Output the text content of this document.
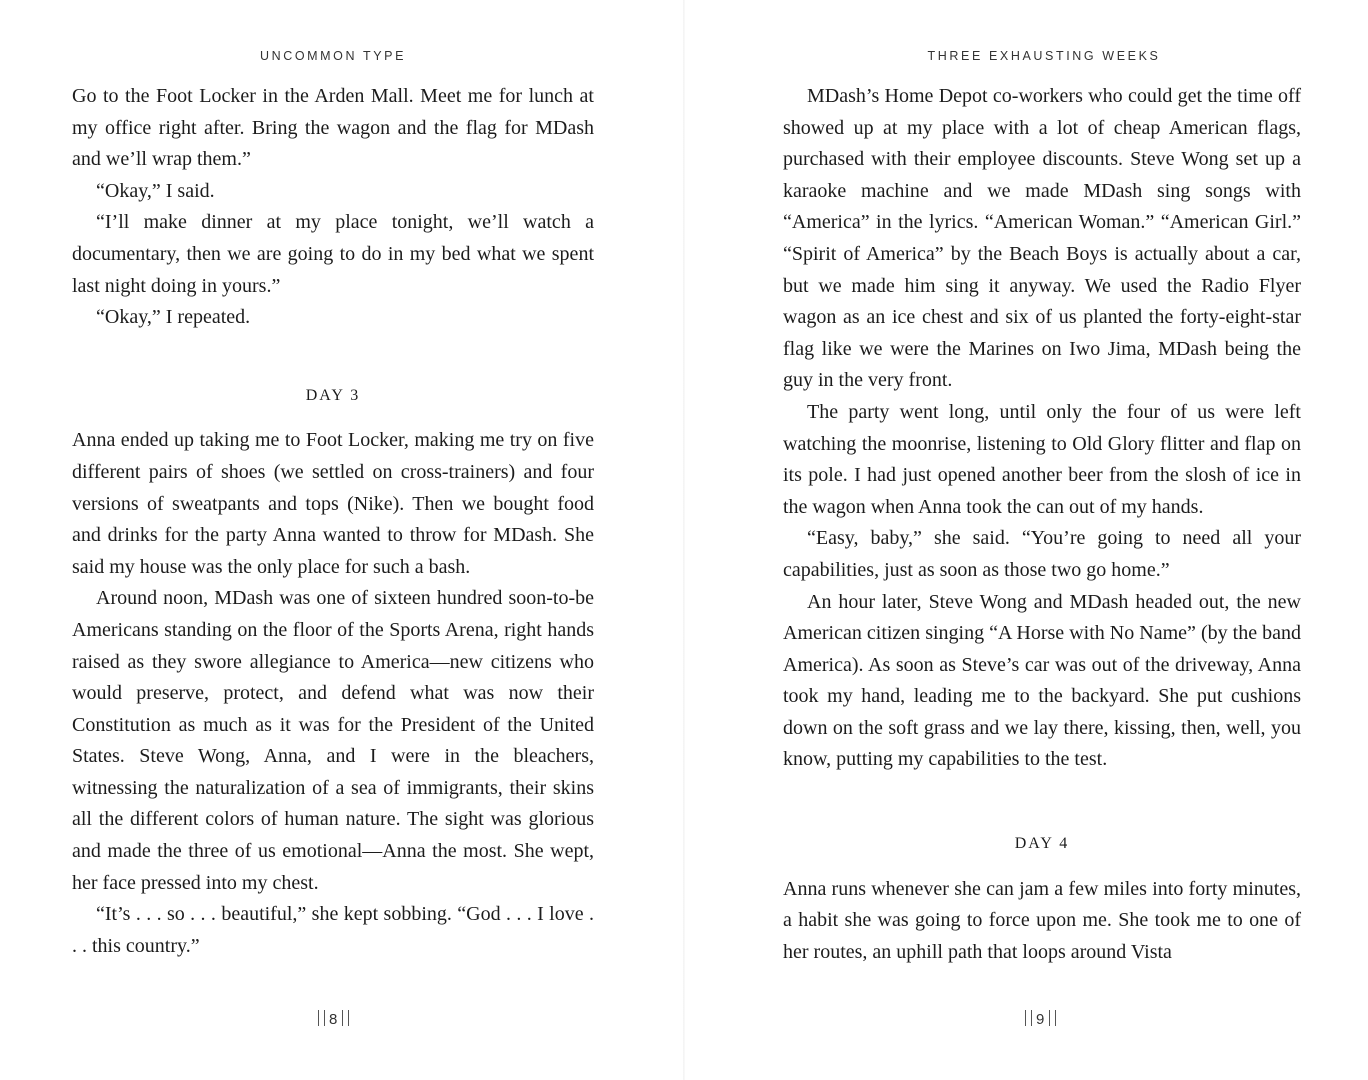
UNCOMMON TYPE

Go to the Foot Locker in the Arden Mall. Meet me for lunch at my office right after. Bring the wagon and the flag for MDash and we’ll wrap them.”

“Okay,” I said.

“I’ll make dinner at my place tonight, we’ll watch a documentary, then we are going to do in my bed what we spent last night doing in yours.”

“Okay,” I repeated.

DAY 3

Anna ended up taking me to Foot Locker, making me try on five different pairs of shoes (we settled on cross-trainers) and four versions of sweatpants and tops (Nike). Then we bought food and drinks for the party Anna wanted to throw for MDash. She said my house was the only place for such a bash.

Around noon, MDash was one of sixteen hundred soon-to-be Americans standing on the floor of the Sports Arena, right hands raised as they swore allegiance to America—new citizens who would preserve, protect, and defend what was now their Constitution as much as it was for the President of the United States. Steve Wong, Anna, and I were in the bleachers, witnessing the naturalization of a sea of immigrants, their skins all the different colors of human nature. The sight was glorious and made the three of us emotional—Anna the most. She wept, her face pressed into my chest.

“It’s . . . so . . . beautiful,” she kept sobbing. “God . . . I love . . . this country.”

8
THREE EXHAUSTING WEEKS

MDash’s Home Depot co-workers who could get the time off showed up at my place with a lot of cheap American flags, purchased with their employee discounts. Steve Wong set up a karaoke machine and we made MDash sing songs with “America” in the lyrics. “American Woman.” “American Girl.” “Spirit of America” by the Beach Boys is actually about a car, but we made him sing it anyway. We used the Radio Flyer wagon as an ice chest and six of us planted the forty-eight-star flag like we were the Marines on Iwo Jima, MDash being the guy in the very front.

The party went long, until only the four of us were left watching the moonrise, listening to Old Glory flitter and flap on its pole. I had just opened another beer from the slosh of ice in the wagon when Anna took the can out of my hands.

“Easy, baby,” she said. “You’re going to need all your capabilities, just as soon as those two go home.”

An hour later, Steve Wong and MDash headed out, the new American citizen singing “A Horse with No Name” (by the band America). As soon as Steve’s car was out of the driveway, Anna took my hand, leading me to the backyard. She put cushions down on the soft grass and we lay there, kissing, then, well, you know, putting my capabilities to the test.

DAY 4

Anna runs whenever she can jam a few miles into forty minutes, a habit she was going to force upon me. She took me to one of her routes, an uphill path that loops around Vista

9
